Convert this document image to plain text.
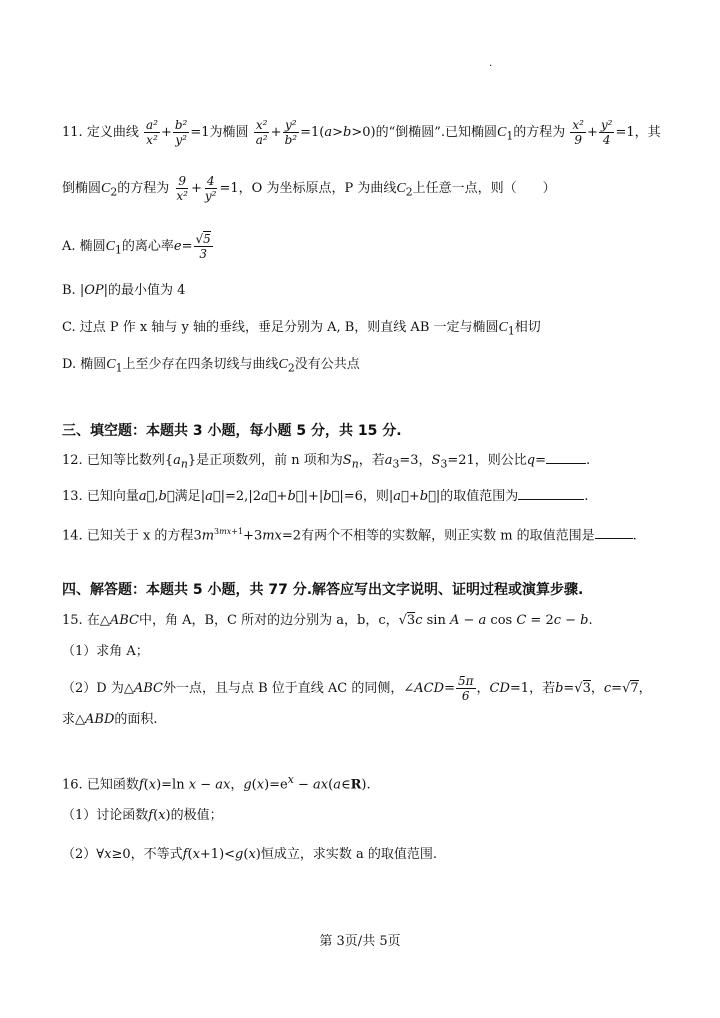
.
11. 定义曲线 $\frac{\text{a²}}{\text{x²}} + \frac{\text{b²}}{\text{y²}} =1$为椭圆 $\frac{\text{x²}}{\text{a²}} + \frac{\text{y²}}{\text{b²}} =1(a>b>0)$的“倒椭圆”.已知椭圆$C_1$的方程为 $\frac{\text{x²}}{9} + \frac{\text{y²}}{4} =1$，其
倒椭圆$C_2$的方程为 $\frac{9}{\text{x²}} + \frac{4}{\text{y²}} =1$，O 为坐标原点，P 为曲线$C_2$上任意一点，则（　　）
A. 椭圆$C_1$的离心率$e= \frac{√5}{3}$
B. |OP|的最小值为 4
C. 过点 P 作 x 轴与 y 轴的垂线，垂足分别为 A, B，则直线 AB 一定与椭圆$C_1$相切
D. 椭圆$C_1$上至少存在四条切线与曲线$C_2$没有公共点
三、填空题：本题共 3 小题，每小题 5 分，共 15 分.
12. 已知等比数列$\{a_n\}$是正项数列，前 n 项和为$S_n$，若$a_3=3$，$S_3=21$，则公比q=	.
13. 已知向量a⃗,b⃗满足|a⃗|=2,|2a⃗+b⃗|+|b⃗|=6，则|a⃗+b⃗|的取值范围为	.
14. 已知关于 x 的方程$3m^{3mx+1}+3mx=2$有两个不相等的实数解，则正实数 m 的取值范围是	.
四、解答题：本题共 5 小题，共 77 分.解答应写出文字说明、证明过程或演算步骤.
15. 在△ABC中，角 A，B，C 所对的边分别为 a，b，c，√3c sin A − a cos C = 2c − b.
（1）求角 A；
（2）D 为△ABC外一点，且与点 B 位于直线 AC 的同侧，∠ACD= $\frac{5\pi}{6}$ ，CD=1，若b=√3，c=√7，
求△ABD的面积.
16. 已知函数f(x)=ln x − ax，$g(x)=e^x$ − ax(a∈R).
（1）讨论函数f(x)的极值；
（2）∀x≥0，不等式f(x+1)<g(x)恒成立，求实数 a 的取值范围.
第 3页/共 5页
